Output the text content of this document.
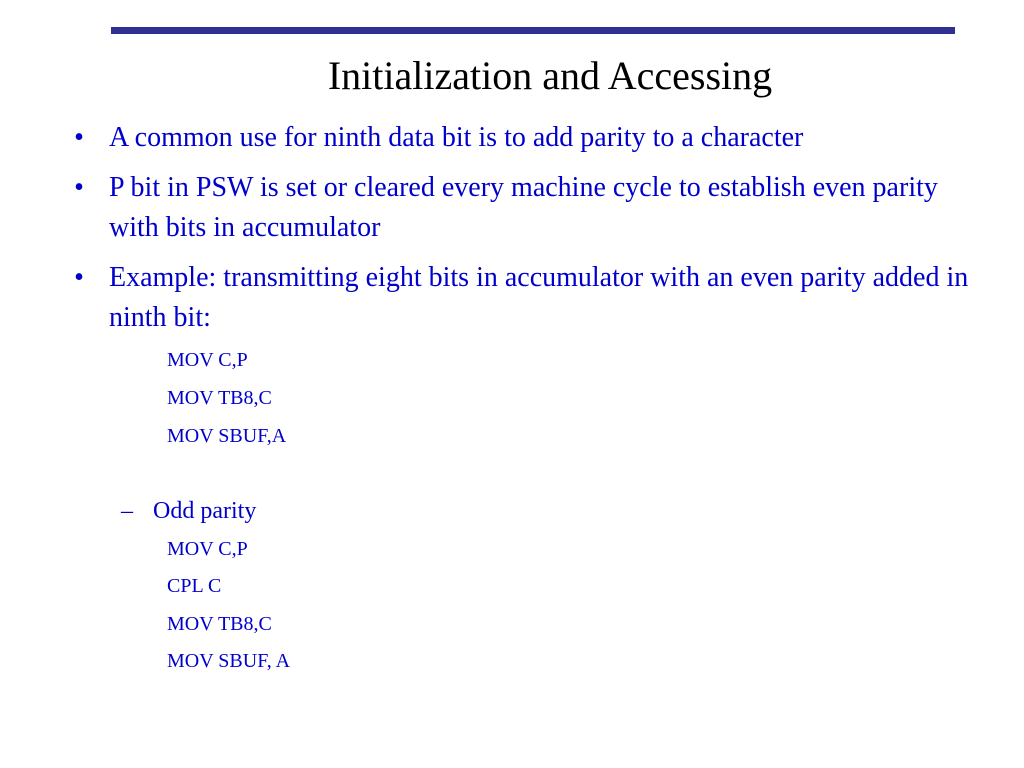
Initialization and Accessing
• A common use for ninth data bit is to add parity to a character
• P bit in PSW is set or cleared every machine cycle to establish even parity with bits in accumulator
• Example: transmitting eight bits in accumulator with an even parity added in ninth bit:
MOV C,P
MOV TB8,C
MOV SBUF,A
– Odd parity
MOV C,P
CPL C
MOV TB8,C
MOV SBUF, A
